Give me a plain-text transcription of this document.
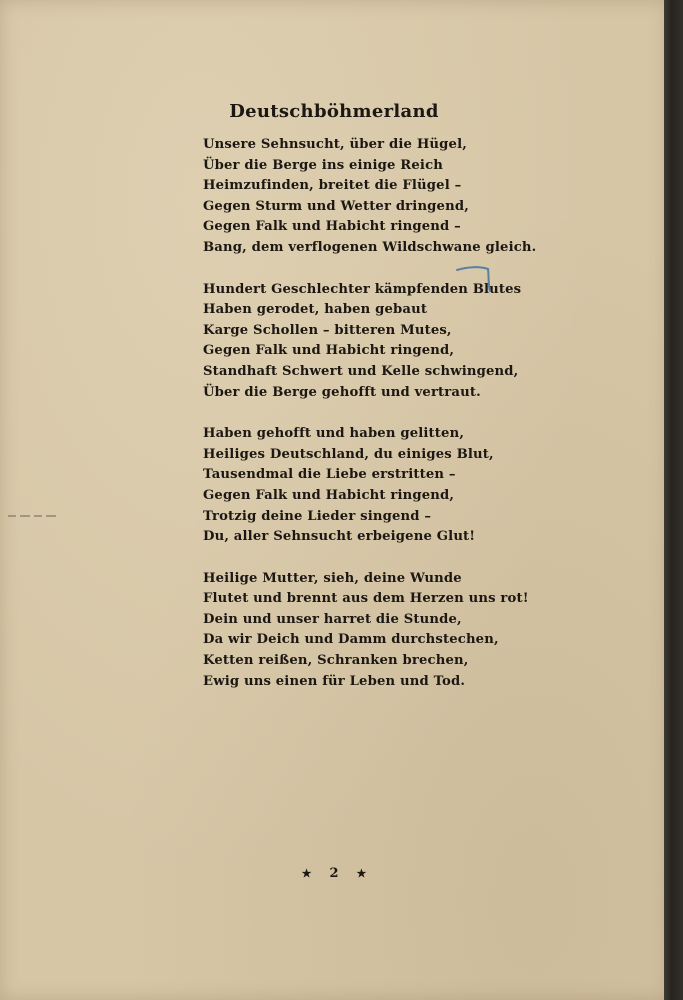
Deutschböhmerland
Unsere Sehnsucht, über die Hügel,
Über die Berge ins einige Reich
Heimzufinden, breitet die Flügel –
Gegen Sturm und Wetter dringend,
Gegen Falk und Habicht ringend –
Bang, dem verflogenen Wildschwane gleich.
Hundert Geschlechter kämpfenden Blutes
Haben gerodet, haben gebaut
Karge Schollen – bitteren Mutes,
Gegen Falk und Habicht ringend,
Standhaft Schwert und Kelle schwingend,
Über die Berge gehofft und vertraut.
Haben gehofft und haben gelitten,
Heiliges Deutschland, du einiges Blut,
Tausendmal die Liebe erstritten –
Gegen Falk und Habicht ringend,
Trotzig deine Lieder singend –
Du, aller Sehnsucht erbeigene Glut!
Heilige Mutter, sieh, deine Wunde
Flutet und brennt aus dem Herzen uns rot!
Dein und unser harret die Stunde,
Da wir Deich und Damm durchstechen,
Ketten reißen, Schranken brechen,
Ewig uns einen für Leben und Tod.
★ 2 ★
